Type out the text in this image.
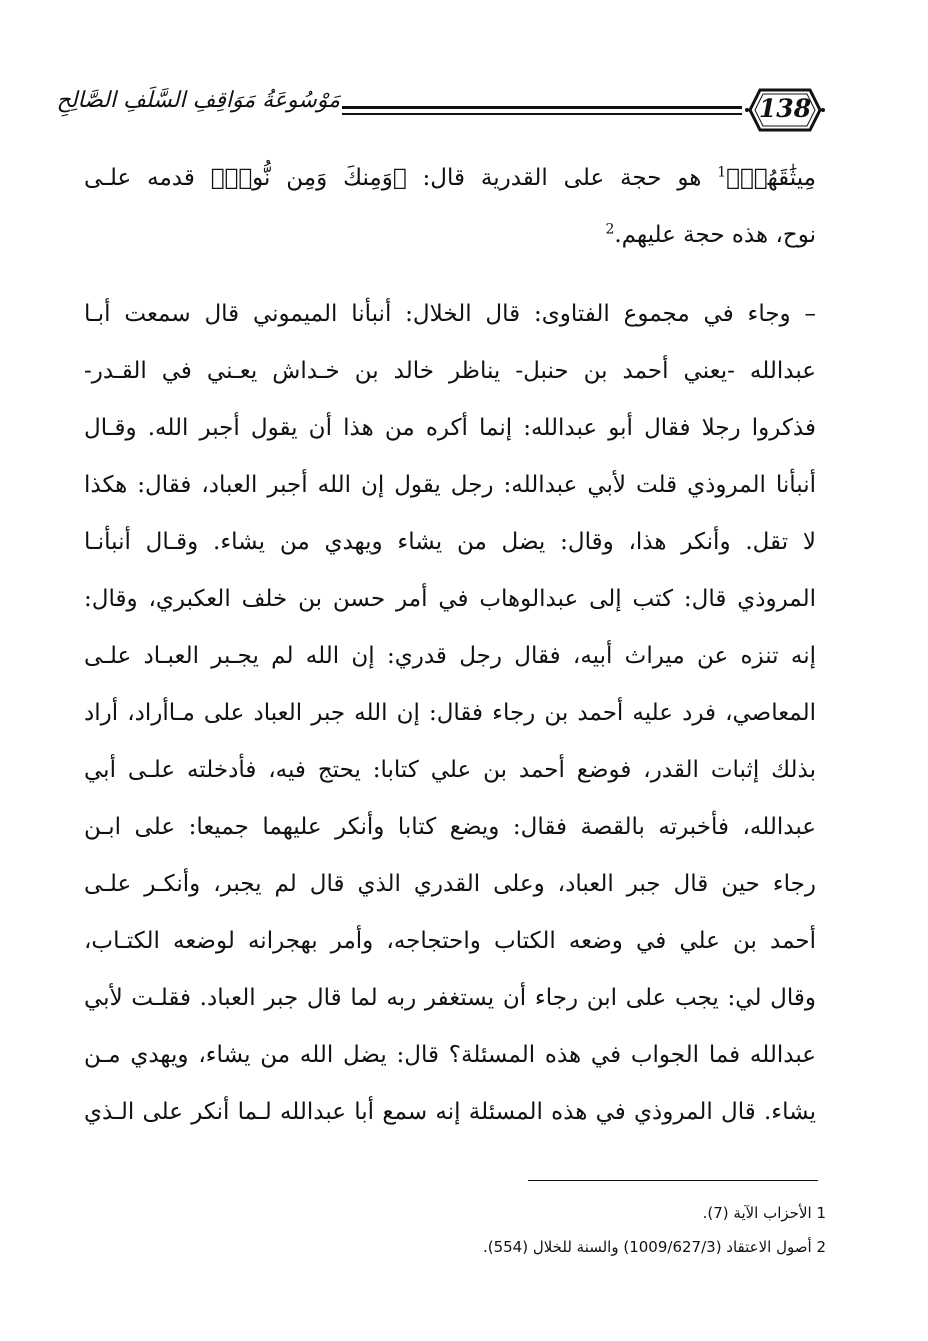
مَوْسُوعَةُ مَوَاقِفِ السَّلَفِ الصَّالِحِ	138
مِيثَٰقَهُمۡ﴾$^1$ هو حجة على القدرية قال: ﴿وَمِنكَ وَمِن نُّوحٖ﴾ قدمه علـى
نوح، هذه حجة عليهم.$^2$
– وجاء في مجموع الفتاوى: قال الخلال: أنبأنا الميموني قال سمعت أبـا
عبدالله -يعني أحمد بن حنبل- يناظر خالد بن خـداش يعـني في القـدر-
فذكروا رجلا فقال أبو عبدالله: إنما أكره من هذا أن يقول أجبر الله. وقـال
أنبأنا المروذي قلت لأبي عبدالله: رجل يقول إن الله أجبر العباد، فقال: هكذا
لا تقل. وأنكر هذا، وقال: يضل من يشاء ويهدي من يشاء. وقـال أنبأنـا
المروذي قال: كتب إلى عبدالوهاب في أمر حسن بن خلف العكبري، وقال:
إنه تنزه عن ميراث أبيه، فقال رجل قدري: إن الله لم يجـبر العبـاد علـى
المعاصي، فرد عليه أحمد بن رجاء فقال: إن الله جبر العباد على مـاأراد، أراد
بذلك إثبات القدر، فوضع أحمد بن علي كتابا: يحتج فيه، فأدخلته علـى أبي
عبدالله، فأخبرته بالقصة فقال: ويضع كتابا وأنكر عليهما جميعا: على ابـن
رجاء حين قال جبر العباد، وعلى القدري الذي قال لم يجبر، وأنكـر علـى
أحمد بن علي في وضعه الكتاب واحتجاجه، وأمر بهجرانه لوضعه الكتـاب،
وقال لي: يجب على ابن رجاء أن يستغفر ربه لما قال جبر العباد. فقلـت لأبي
عبدالله فما الجواب في هذه المسئلة؟ قال: يضل الله من يشاء، ويهدي مـن
يشاء. قال المروذي في هذه المسئلة إنه سمع أبا عبدالله لـما أنكر على الـذي
1 الأحزاب الآية (7).
2 أصول الاعتقاد (1009/627/3) والسنة للخلال (554).
